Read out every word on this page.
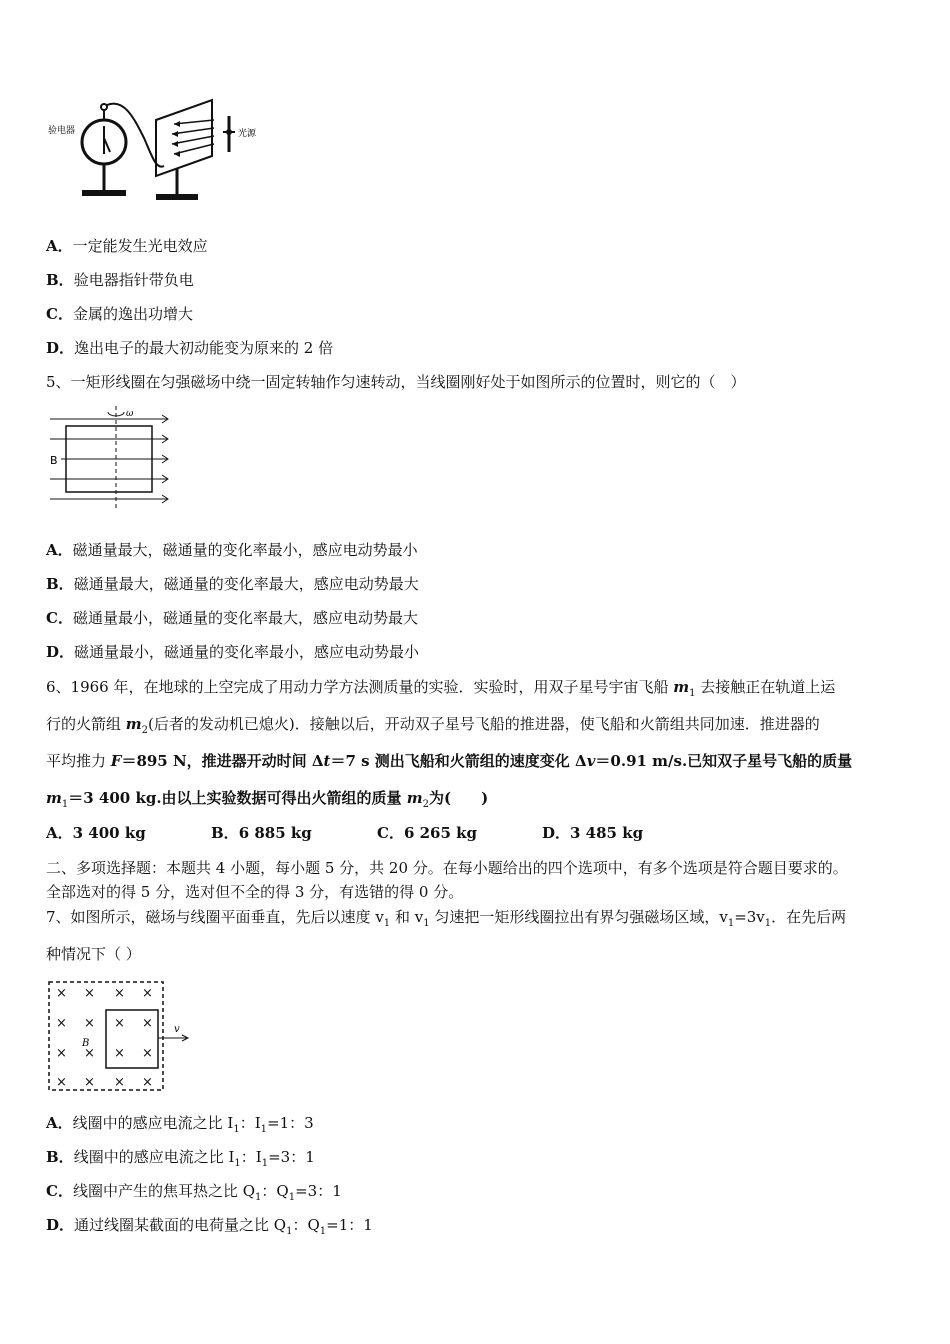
验电器	光源
A．一定能发生光电效应
B．验电器指针带负电
C．金属的逸出功增大
D．逸出电子的最大初动能变为原来的 2 倍
5、一矩形线圈在匀强磁场中绕一固定转轴作匀速转动，当线圈刚好处于如图所示的位置时，则它的（　）
ω
B
A．磁通量最大，磁通量的变化率最小，感应电动势最小
B．磁通量最大，磁通量的变化率最大，感应电动势最大
C．磁通量最小，磁通量的变化率最大，感应电动势最大
D．磁通量最小，磁通量的变化率最小，感应电动势最小
6、1966 年，在地球的上空完成了用动力学方法测质量的实验．实验时，用双子星号宇宙飞船 $m_1$ 去接触正在轨道上运
行的火箭组 $m_2$(后者的发动机已熄火)．接触以后，开动双子星号飞船的推进器，使飞船和火箭组共同加速．推进器的
平均推力 F＝895 N，推进器开动时间 Δt＝7 s 测出飞船和火箭组的速度变化 Δv＝0.91 m/s.已知双子星号飞船的质量
$m_1=3$ 400 kg.由以上实验数据可得出火箭组的质量 $m_2$为(　　)
A．3 400 kg	B．6 885 kg	C．6 265 kg	D．3 485 kg
二、多项选择题：本题共 4 小题，每小题 5 分，共 20 分。在每小题给出的四个选项中，有多个选项是符合题目要求的。
全部选对的得 5 分，选对但不全的得 3 分，有选错的得 0 分。
7、如图所示，磁场与线圈平面垂直，先后以速度 $v_1$ 和 $v_1$ 匀速把一矩形线圈拉出有界匀强磁场区域，$v_1=3v_1$．在先后两
种情况下（ ）
× × × ×
× × × ×
× × × ×
× × × ×
B
v
A．线圈中的感应电流之比 $I_1$：$I_1=1$：3
B．线圈中的感应电流之比 $I_1$：$I_1=3$：1
C．线圈中产生的焦耳热之比 $Q_1$：$Q_1=3$：1
D．通过线圈某截面的电荷量之比 $Q_1$：$Q_1=1$：1
